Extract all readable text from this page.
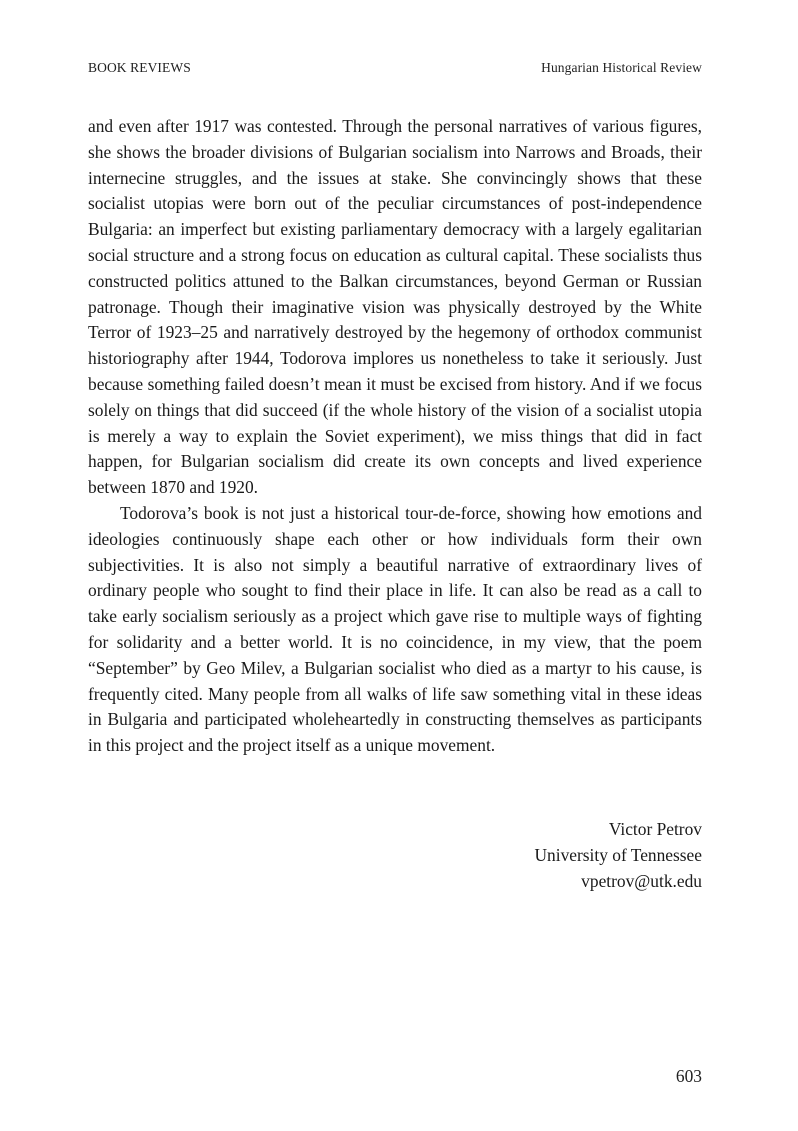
BOOK REVIEWS	Hungarian Historical Review

and even after 1917 was contested. Through the personal narratives of various figures, she shows the broader divisions of Bulgarian socialism into Narrows and Broads, their internecine struggles, and the issues at stake. She convincingly shows that these socialist utopias were born out of the peculiar circumstances of post-independence Bulgaria: an imperfect but existing parliamentary democracy with a largely egalitarian social structure and a strong focus on education as cultural capital. These socialists thus constructed politics attuned to the Balkan circumstances, beyond German or Russian patronage. Though their imaginative vision was physically destroyed by the White Terror of 1923–25 and narratively destroyed by the hegemony of orthodox communist historiography after 1944, Todorova implores us nonetheless to take it seriously. Just because something failed doesn’t mean it must be excised from history. And if we focus solely on things that did succeed (if the whole history of the vision of a socialist utopia is merely a way to explain the Soviet experiment), we miss things that did in fact happen, for Bulgarian socialism did create its own concepts and lived experience between 1870 and 1920.

Todorova’s book is not just a historical tour-de-force, showing how emotions and ideologies continuously shape each other or how individuals form their own subjectivities. It is also not simply a beautiful narrative of extraordinary lives of ordinary people who sought to find their place in life. It can also be read as a call to take early socialism seriously as a project which gave rise to multiple ways of fighting for solidarity and a better world. It is no coincidence, in my view, that the poem “September” by Geo Milev, a Bulgarian socialist who died as a martyr to his cause, is frequently cited. Many people from all walks of life saw something vital in these ideas in Bulgaria and participated wholeheartedly in constructing themselves as participants in this project and the project itself as a unique movement.

Victor Petrov
University of Tennessee
vpetrov@utk.edu
603
